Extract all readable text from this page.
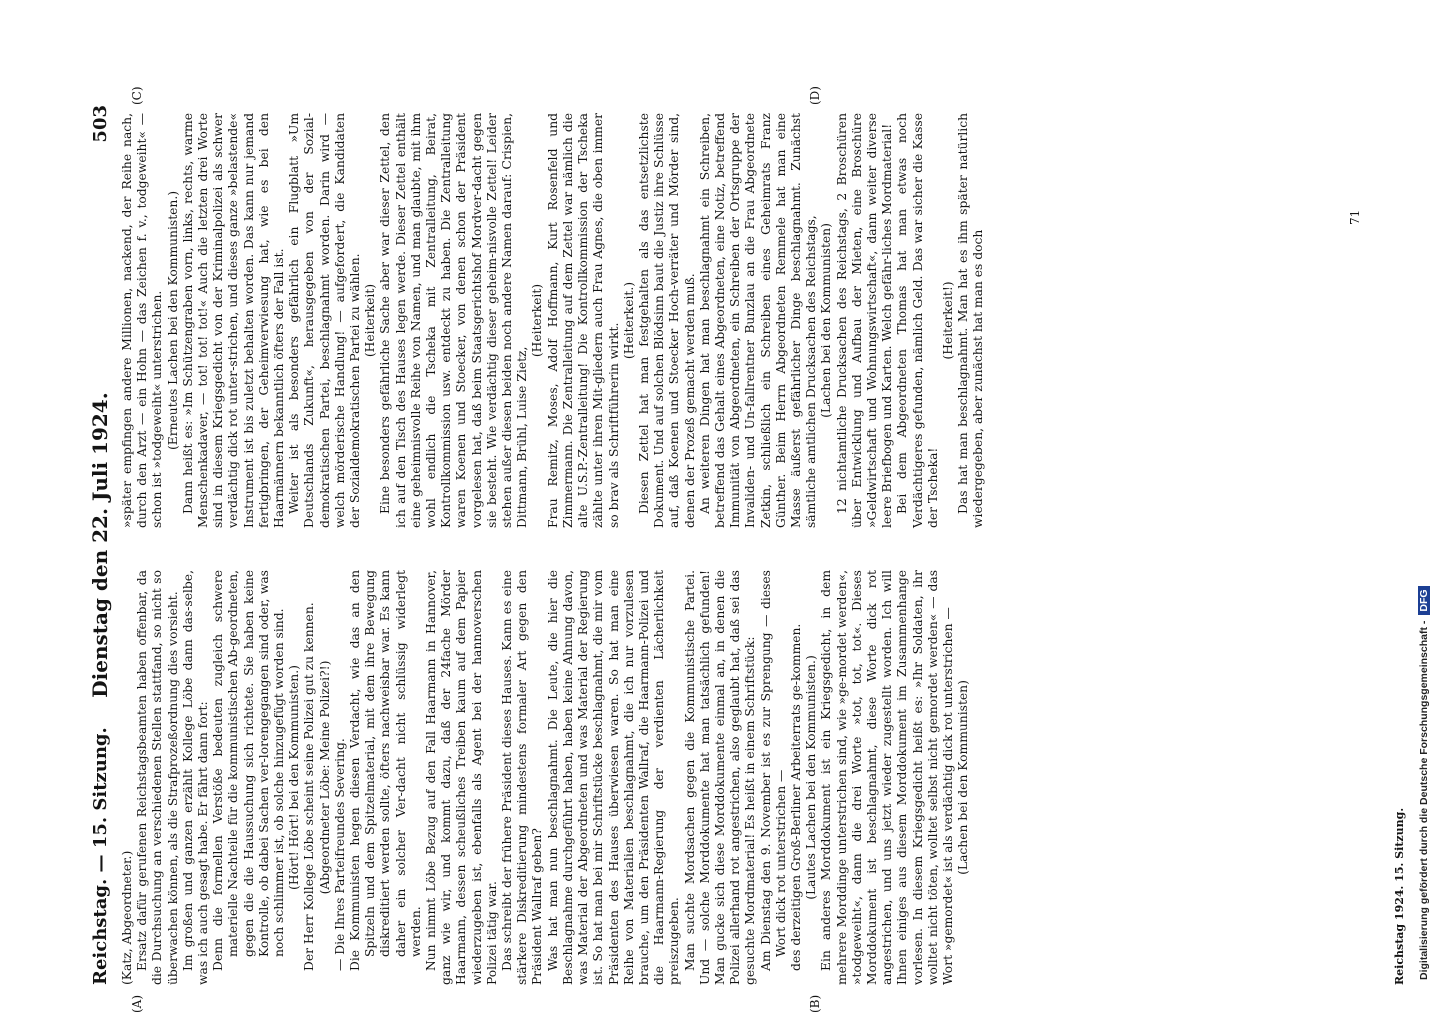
Reichstag. — 15. Sitzung.
Dienstag den 22. Juli 1924.
503
(A)	(B)
(C)	(D)

(Katz, Abgeordneter.) Ersatz dafür gerufenen Reichstagsbeamten haben offenbar, da die Durchsuchung an verschiedenen Stellen stattfand, so nicht so überwachen können, als die Strafprozeßordnung dies vorsieht. Im großen und ganzen erzählt Kollege Löbe dann das-selbe, was ich auch gesagt habe. Er fährt dann fort: Denn die formellen Verstöße bedeuten zugleich schwere materielle Nachteile für die kommunistischen Ab-geordneten, gegen die die Haussuchung sich richtete. Sie haben keine Kontrolle, ob dabei Sachen ver-lorengegangen sind oder, was noch schlimmer ist, ob solche hinzugefügt worden sind. (Hört! Hört! bei den Kommunisten.) Der Herr Kollege Löbe scheint seine Polizei gut zu kennen. (Abgeordneter Löbe: Meine Polizei?!) — Die Ihres Parteifreundes Severing. Die Kommunisten hegen diesen Verdacht, wie das an den Spitzeln und dem Spitzelmaterial, mit dem ihre Bewegung diskreditiert werden sollte, öfters nachweisbar war. Es kann daher ein solcher Ver-dacht nicht schlüssig widerlegt werden. Nun nimmt Löbe Bezug auf den Fall Haarmann in Hannover, ganz wie wir, und kommt dazu, daß der 24fache Mörder Haarmann, dessen scheußliches Treiben kaum auf dem Papier wiederzugeben ist, ebenfalls als Agent bei der hannoverschen Polizei tätig war. Das schreibt der frühere Präsident dieses Hauses. Kann es eine stärkere Diskreditierung mindestens formaler Art gegen den Präsident Wallraf geben? Was hat man nun beschlagnahmt. Die Leute, die hier die Beschlagnahme durchgeführt haben, haben keine Ahnung davon, was Material der Abgeordneten und was Material der Regierung ist. So hat man bei mir Schriftstücke beschlagnahmt, die mir vom Präsidenten des Hauses überwiesen waren. So hat man eine Reihe von Materialien beschlagnahmt, die ich nur vorzulesen brauche, um den Präsidenten Wallraf, die Haarmann-Polizei und die Haarmann-Regierung der verdienten Lächerlichkeit preiszugeben. Man suchte Mordsachen gegen die Kommunistische Partei. Und — solche Morddokumente hat man tatsächlich gefunden! Man gucke sich diese Morddokumente einmal an, in denen die Polizei allerhand rot angestrichen, also geglaubt hat, daß sei das gesuchte Mordmaterial! Es heißt in einem Schriftstück: Am Dienstag den 9. November ist es zur Sprengung — dieses Wort dick rot unterstrichen — des derzeitigen Groß-Berliner Arbeiterrats ge-kommen. (Lautes Lachen bei den Kommunisten.) Ein anderes Morddokument ist ein Kriegsgedicht, in dem mehrere Morddinge unterstrichen sind, wie »ge-mordet werden«, »todgeweiht«, dann die drei Worte »tot, tot, tot«. Dieses Morddokument ist beschlagnahmt, diese Worte dick rot angestrichen, und uns jetzt wieder zugestellt worden. Ich will Ihnen einiges aus diesem Morddokument im Zusammenhange vorlesen. In diesem Kriegsgedicht heißt es: »Ihr Soldaten, ihr wolltet nicht töten, wolltet selbst nicht gemordet werden« — das Wort »gemordet« ist als verdächtig dick rot unterstrichen — (Lachen bei den Kommunisten)

»später empfingen andere Millionen, nackend, der Reihe nach, durch den Arzt — ein Hohn — das Zeichen f. v., todgeweiht« — schon ist »todgeweiht« unterstrichen. (Erneutes Lachen bei den Kommunisten.) Dann heißt es: »Im Schützengraben vorn, links, rechts, warme Menschenkadaver, — tot! tot! tot!« Auch die letzten drei Worte sind in diesem Kriegsgedicht von der Kriminalpolizei als schwer verdächtig dick rot unter-strichen, und dieses ganze »belastende« Instrument ist bis zuletzt behalten worden. Das kann nur jemand fertigbringen, der Geheimverwiesung hat, wie es bei den Haarmännern bekanntlich öfters der Fall ist. Weiter ist als besonders gefährlich ein Flugblatt »Um Deutschlands Zukunft«, herausgegeben von der Sozial-demokratischen Partei, beschlagnahmt worden. Darin wird — welch mörderische Handlung! — aufgefordert, die Kandidaten der Sozialdemokratischen Partei zu wählen. (Heiterkeit) Eine besonders gefährliche Sache aber war dieser Zettel, den ich auf den Tisch des Hauses legen werde. Dieser Zettel enthält eine geheimnisvolle Reihe von Namen, und man glaubte, mit ihm wohl endlich die Tscheka mit Zentralleitung, Beirat, Kontrollkommission usw. entdeckt zu haben. Die Zentralleitung waren Koenen und Stoecker, von denen schon der Präsident vorgelesen hat, daß beim Staatsgerichtshof Mordver-dacht gegen sie besteht. Wie verdächtig dieser geheim-nisvolle Zettel! Leider stehen außer diesen beiden noch andere Namen darauf: Crispien, Dittmann, Brühl, Luise Zietz,

(Heiterkeit) Frau Remitz, Moses, Adolf Hoffmann, Kurt Rosenfeld und Zimmermann. Die Zentralleitung auf dem Zettel war nämlich die alte U.S.P.-Zentralleitung! Die Kontrollkommission der Tscheka zählte unter ihren Mit-gliedern auch Frau Agnes, die oben immer so brav als Schriftführerin wirkt.

(Heiterkeit.) Diesen Zettel hat man festgehalten als das entsetzlichste Dokument. Und auf solchen Blödsinn baut die Justiz ihre Schlüsse auf, daß Koenen und Stoecker Hoch-verräter und Mörder sind, denen der Prozeß gemacht werden muß. An weiteren Dingen hat man beschlagnahmt ein Schreiben, betreffend das Gehalt eines Abgeordneten, eine Notiz, betreffend Immunität von Abgeordneten, ein Schreiben der Ortsgruppe der Invaliden- und Un-fallrentner Bunzlau an die Frau Abgeordnete Zetkin, schließlich ein Schreiben eines Geheimrats Franz Günther. Beim Herrn Abgeordneten Remmele hat man eine Masse äußerst gefährlicher Dinge beschlagnahmt. Zunächst sämtliche amtlichen Drucksachen des Reichstags, (Lachen bei den Kommunisten) 12 nichtamtliche Drucksachen des Reichstags, 2 Broschüren über Entwicklung und Aufbau der Mieten, eine Broschüre »Geldwirtschaft und Wohnungswirtschaft«, dann weiter diverse leere Briefbogen und Karten. Welch gefähr-liches Mordmaterial! Bei dem Abgeordneten Thomas hat man etwas noch Verdächtigeres gefunden, nämlich Geld. Das war sicher die Kasse der Tscheka!

(Heiterkeit!) Das hat man beschlagnahmt. Man hat es ihm später natürlich wiedergegeben, aber zunächst hat man es doch

71
Reichstag 1924. 15. Sitzung. Digitalisierung gefördert durch die Deutsche Forschungsgemeinschaft -DFG
